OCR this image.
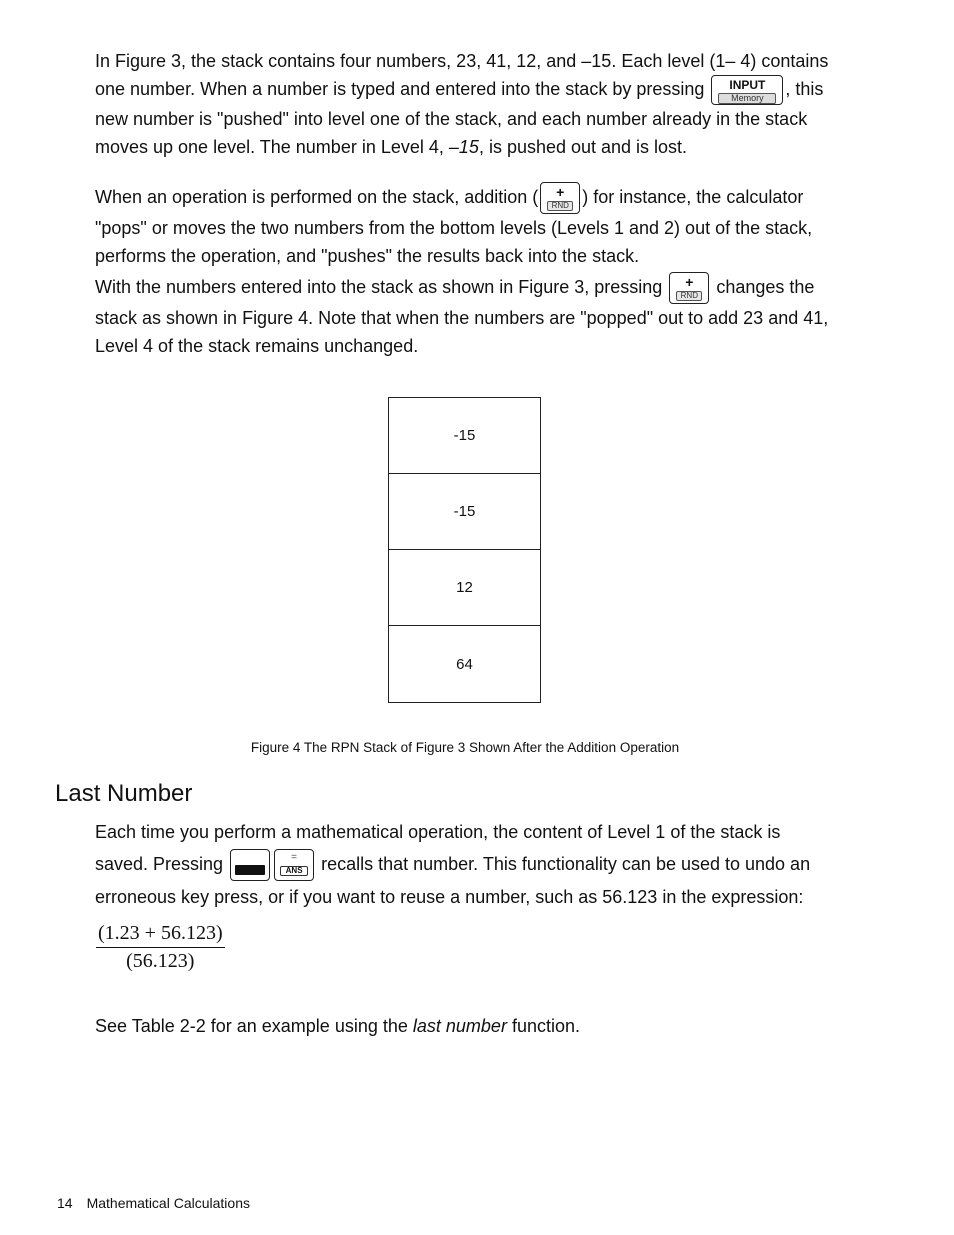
In Figure 3, the stack contains four numbers, 23, 41, 12, and –15. Each level (1– 4) contains one number. When a number is typed and entered into the stack by pressing	INPUT
Memory	, this new number is "pushed" into level one of the stack, and each number already in the stack moves up one level. The number in Level 4, –15, is pushed out and is lost.

When an operation is performed on the stack, addition (	+
RND ) for instance, the calculator "pops" or moves the two numbers from the bottom levels (Levels 1 and 2) out of the stack, performs the operation, and "pushes" the results back into the stack.

With the numbers entered into the stack as shown in Figure 3, pressing	+
RND changes the stack as shown in Figure 4. Note that when the numbers are "popped" out to add 23 and 41, Level 4 of the stack remains unchanged.

-15
-15
12
64
Figure 4 The RPN Stack of Figure 3 Shown After the Addition Operation
Last Number

Each time you perform a mathematical operation, the content of Level 1 of the stack is saved. Pressing	=
ANS	recalls that number. This functionality can be used to undo an erroneous key press, or if you want to reuse a number, such as 56.123 in the expression:

$\frac{(1.23 + 56.123)}{(56.123)}$

See Table 2-2 for an example using the last number function.

14 Mathematical Calculations
